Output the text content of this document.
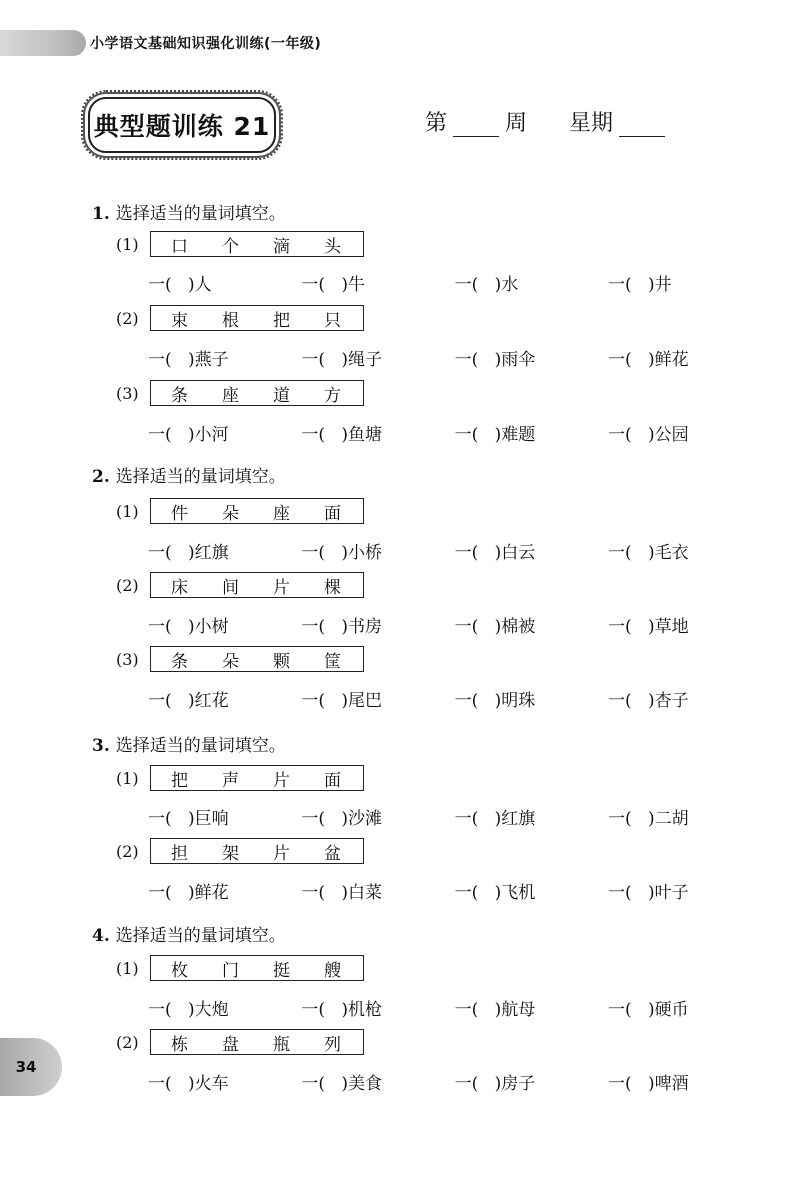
小学语文基础知识强化训练(一年级)
典型题训练 21	第	周 星期
1. 选择适当的量词填空。
(1)	口 个 滴 头
一( )人	一( )牛	一( )水	一( )井
(2)	束 根 把 只
一( )燕子	一( )绳子	一( )雨伞	一( )鲜花
(3)	条 座 道 方
一( )小河	一( )鱼塘	一( )难题	一( )公园
2. 选择适当的量词填空。
(1)	件 朵 座 面
一( )红旗	一( )小桥	一( )白云	一( )毛衣
(2)	床 间 片 棵
一( )小树	一( )书房	一( )棉被	一( )草地
(3)	条 朵 颗 筐
一( )红花	一( )尾巴	一( )明珠	一( )杏子
3. 选择适当的量词填空。
(1)	把 声 片 面
一( )巨响	一( )沙滩	一( )红旗	一( )二胡
(2)	担 架 片 盆
一( )鲜花	一( )白菜	一( )飞机	一( )叶子
4. 选择适当的量词填空。
(1)	枚 门 挺 艘
一( )大炮	一( )机枪	一( )航母	一( )硬币
(2)	栋 盘 瓶 列
一( )火车	一( )美食	一( )房子	一( )啤酒
34
